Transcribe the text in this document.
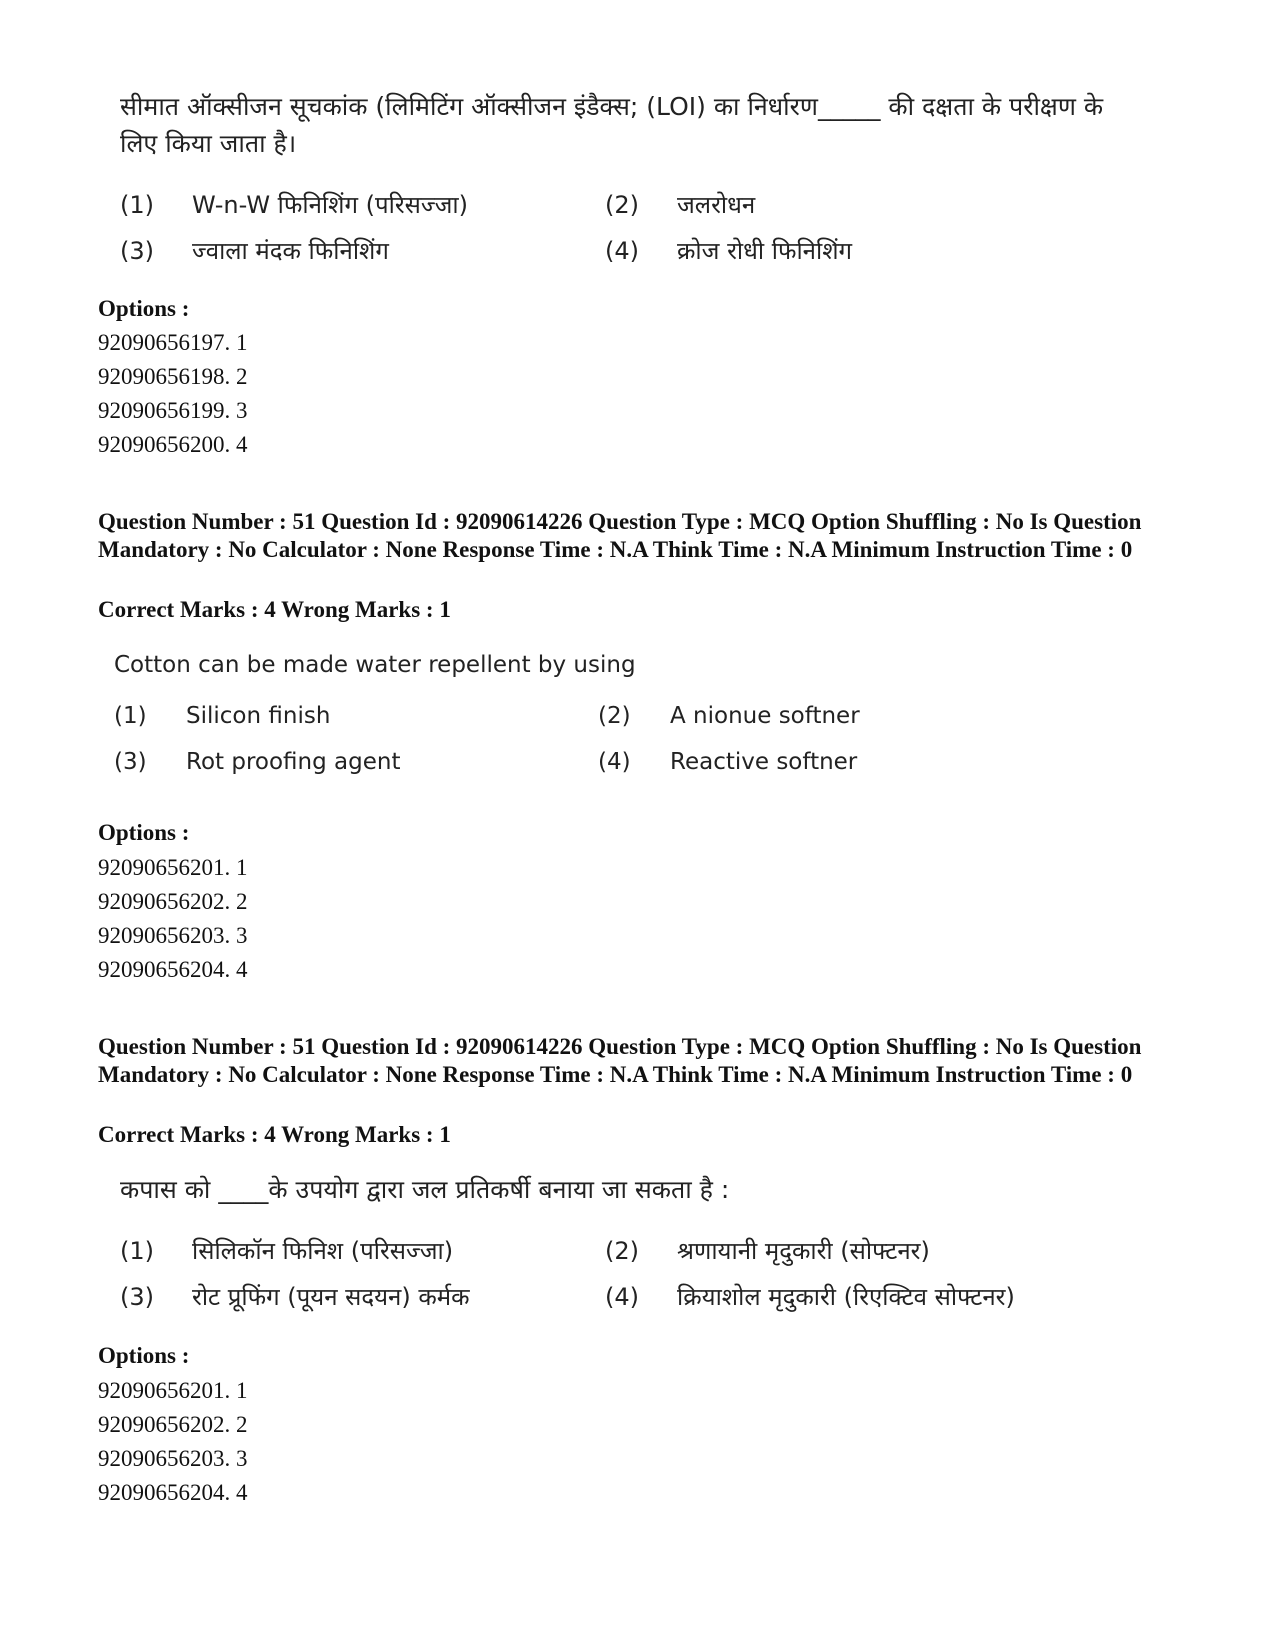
सीमात ऑक्सीजन सूचकांक (लिमिटिंग ऑक्सीजन इंडैक्स; (LOI) का निर्धारण_____ की दक्षता के परीक्षण के लिए किया जाता है।
(1) W-n-W फिनिशिंग (परिसज्जा)	(2) जलरोधन
(3) ज्वाला मंदक फिनिशिंग	(4) क्रोज रोधी फिनिशिंग
Options :
92090656197. 1
92090656198. 2
92090656199. 3
92090656200. 4
Question Number : 51 Question Id : 92090614226 Question Type : MCQ Option Shuffling : No Is Question Mandatory : No Calculator : None Response Time : N.A Think Time : N.A Minimum Instruction Time : 0
Correct Marks : 4 Wrong Marks : 1
Cotton can be made water repellent by using
(1) Silicon finish	(2) A nionue softner
(3) Rot proofing agent	(4) Reactive softner
Options :
92090656201. 1
92090656202. 2
92090656203. 3
92090656204. 4
Question Number : 51 Question Id : 92090614226 Question Type : MCQ Option Shuffling : No Is Question Mandatory : No Calculator : None Response Time : N.A Think Time : N.A Minimum Instruction Time : 0
Correct Marks : 4 Wrong Marks : 1
कपास को ____के उपयोग द्वारा जल प्रतिकर्षी बनाया जा सकता है :
(1) सिलिकॉन फिनिश (परिसज्जा)	(2) श्रणायानी मृदुकारी (सोफ्टनर)
(3) रोट प्रूफिंग (पूयन सदयन) कर्मक	(4) क्रियाशोल मृदुकारी (रिएक्टिव सोफ्टनर)
Options :
92090656201. 1
92090656202. 2
92090656203. 3
92090656204. 4
